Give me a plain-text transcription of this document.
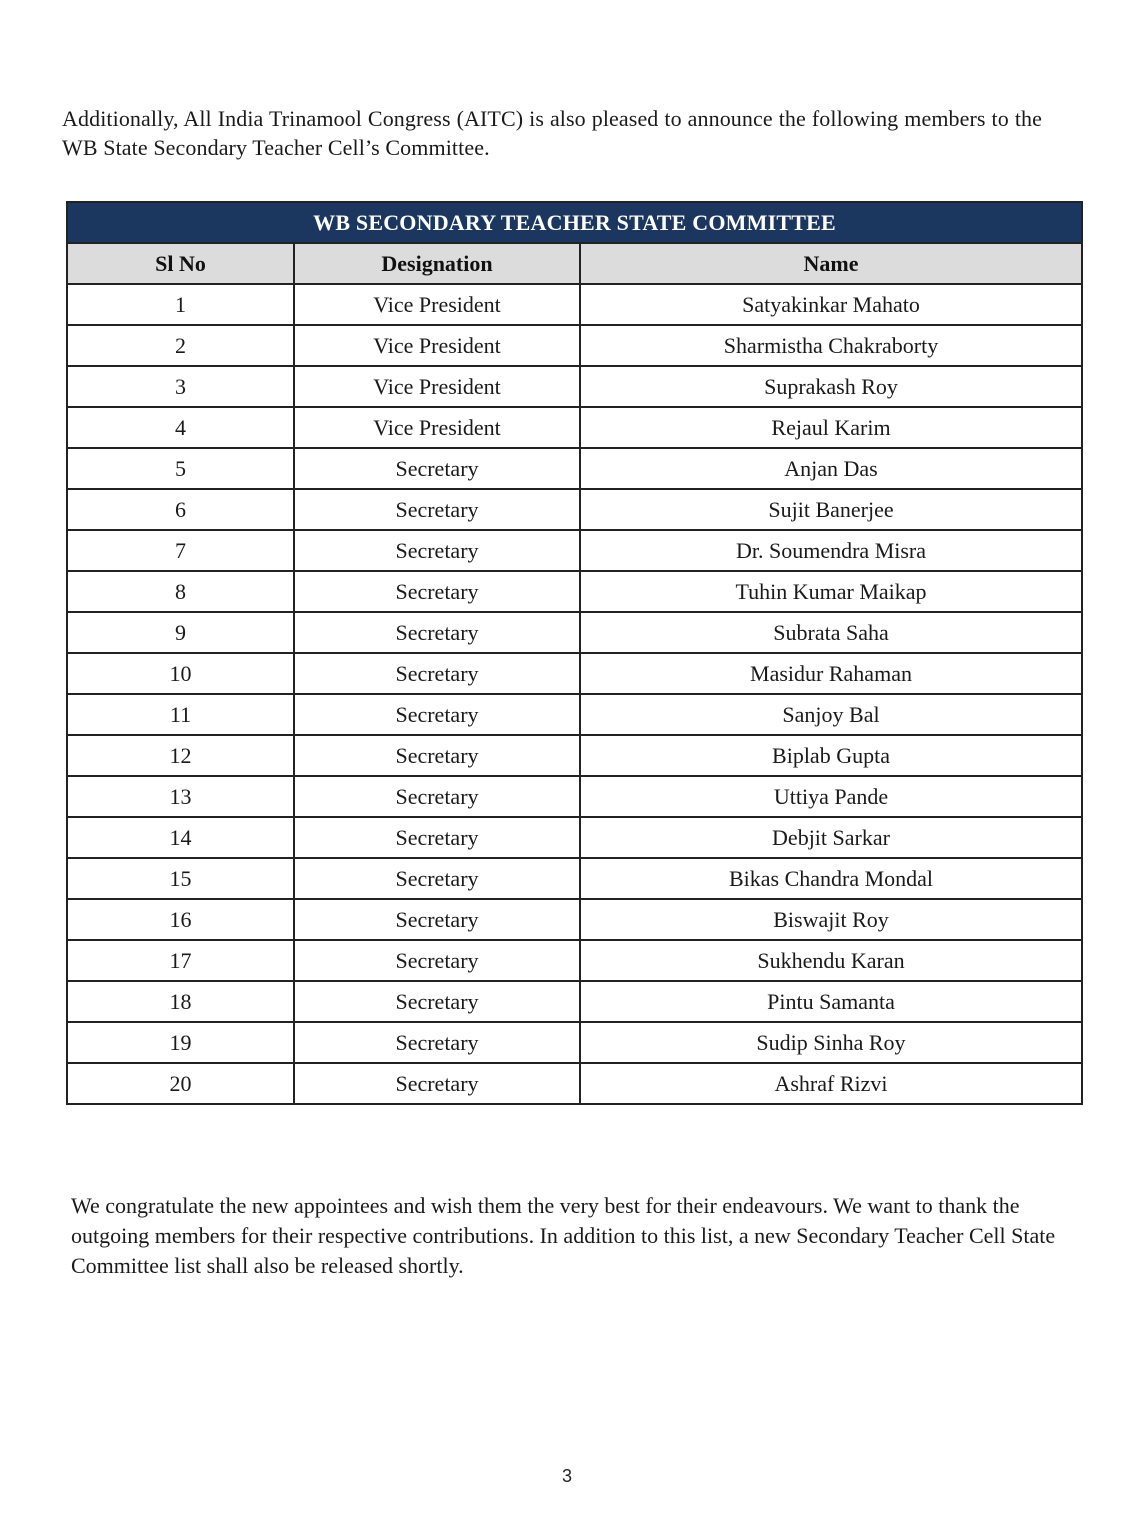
Additionally, All India Trinamool Congress (AITC) is also pleased to announce the following members to the WB State Secondary Teacher Cell’s Committee.

WB SECONDARY TEACHER STATE COMMITTEE		
Sl No	Designation	Name
1	Vice President	Satyakinkar Mahato
2	Vice President	Sharmistha Chakraborty
3	Vice President	Suprakash Roy
4	Vice President	Rejaul Karim
5	Secretary	Anjan Das
6	Secretary	Sujit Banerjee
7	Secretary	Dr. Soumendra Misra
8	Secretary	Tuhin Kumar Maikap
9	Secretary	Subrata Saha
10	Secretary	Masidur Rahaman
11	Secretary	Sanjoy Bal
12	Secretary	Biplab Gupta
13	Secretary	Uttiya Pande
14	Secretary	Debjit Sarkar
15	Secretary	Bikas Chandra Mondal
16	Secretary	Biswajit Roy
17	Secretary	Sukhendu Karan
18	Secretary	Pintu Samanta
19	Secretary	Sudip Sinha Roy
20	Secretary	Ashraf Rizvi

We congratulate the new appointees and wish them the very best for their endeavours. We want to thank the outgoing members for their respective contributions. In addition to this list, a new Secondary Teacher Cell State Committee list shall also be released shortly.

3
